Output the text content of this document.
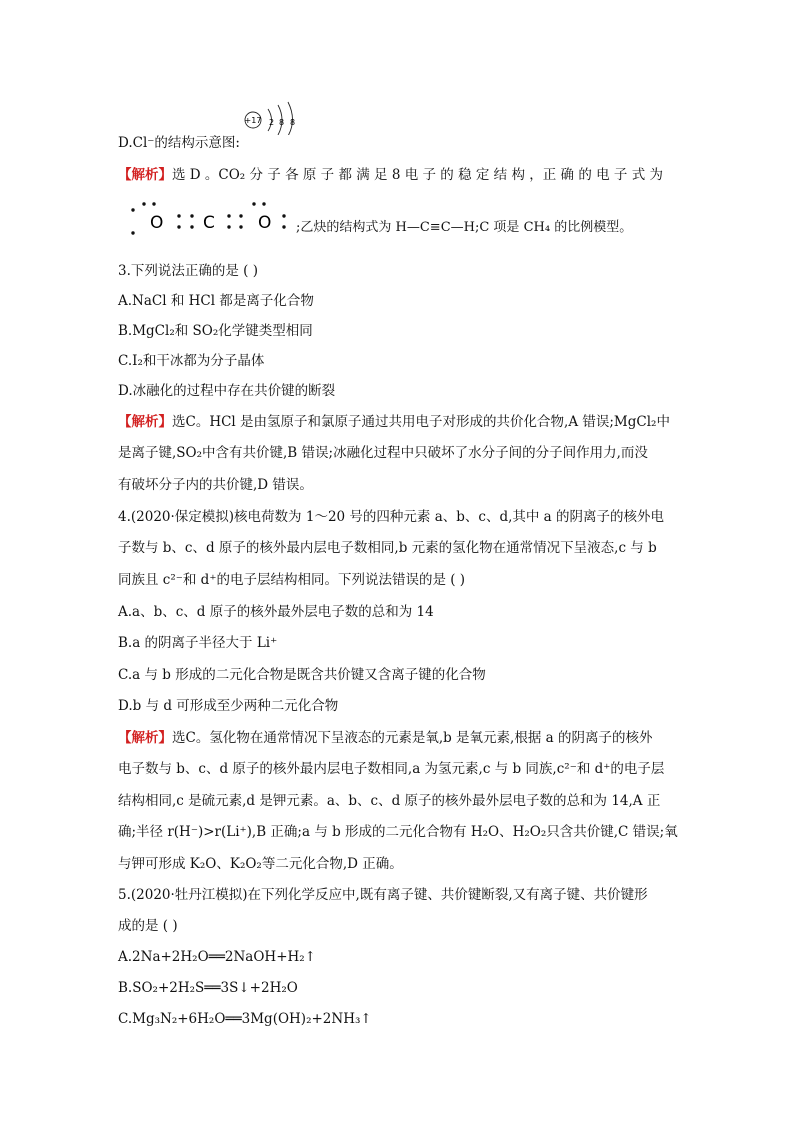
D.Cl⁻的结构示意图:
+17 2 8 8
【解析】选 D 。CO₂ 分 子 各 原 子 都 满 足 8 电 子 的 稳 定 结 构 ，正 确 的 电 子 式 为
O C	O ;乙炔的结构式为 H—C≡C—H;C 项是 CH₄ 的比例模型。
3.下列说法正确的是 ( )
A.NaCl 和 HCl 都是离子化合物
B.MgCl₂和 SO₂化学键类型相同
C.I₂和干冰都为分子晶体
D.冰融化的过程中存在共价键的断裂
【解析】选C。HCl 是由氢原子和氯原子通过共用电子对形成的共价化合物,A 错误;MgCl₂中
是离子键,SO₂中含有共价键,B 错误;冰融化过程中只破坏了水分子间的分子间作用力,而没
有破坏分子内的共价键,D 错误。
4.(2020·保定模拟)核电荷数为 1～20 号的四种元素 a、b、c、d,其中 a 的阴离子的核外电
子数与 b、c、d 原子的核外最内层电子数相同,b 元素的氢化物在通常情况下呈液态,c 与 b
同族且 c²⁻和 d⁺的电子层结构相同。下列说法错误的是 ( )
A.a、b、c、d 原子的核外最外层电子数的总和为 14
B.a 的阴离子半径大于 Li⁺
C.a 与 b 形成的二元化合物是既含共价键又含离子键的化合物
D.b 与 d 可形成至少两种二元化合物
【解析】选C。氢化物在通常情况下呈液态的元素是氧,b 是氧元素,根据 a 的阴离子的核外
电子数与 b、c、d 原子的核外最内层电子数相同,a 为氢元素,c 与 b 同族,c²⁻和 d⁺的电子层
结构相同,c 是硫元素,d 是钾元素。a、b、c、d 原子的核外最外层电子数的总和为 14,A 正
确;半径 r(H⁻)>r(Li⁺),B 正确;a 与 b 形成的二元化合物有 H₂O、H₂O₂只含共价键,C 错误;氧
与钾可形成 K₂O、K₂O₂等二元化合物,D 正确。
5.(2020·牡丹江模拟)在下列化学反应中,既有离子键、共价键断裂,又有离子键、共价键形
成的是 ( )
A.2Na+2H₂O══2NaOH+H₂↑
B.SO₂+2H₂S══3S↓+2H₂O
C.Mg₃N₂+6H₂O══3Mg(OH)₂+2NH₃↑
